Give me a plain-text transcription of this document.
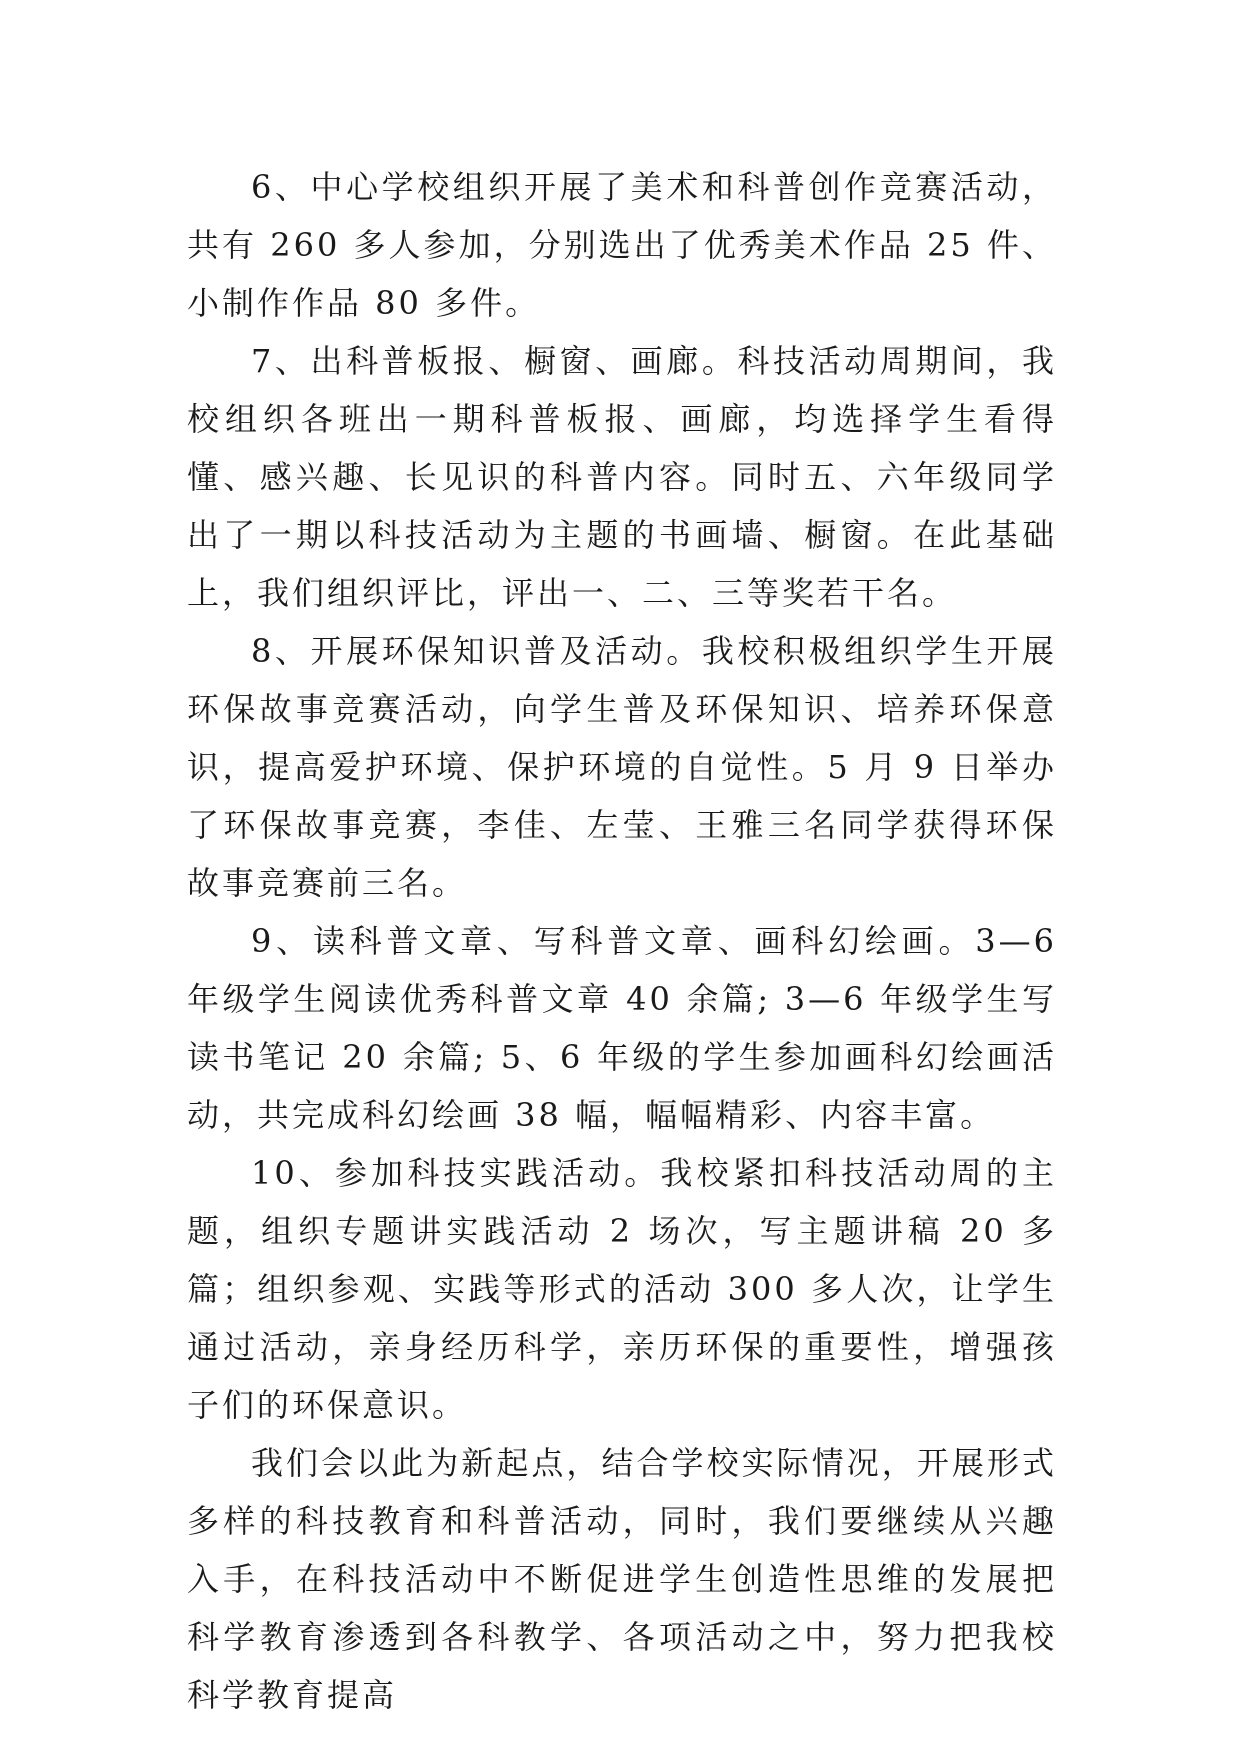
6、中心学校组织开展了美术和科普创作竞赛活动，共有 260 多人参加，分别选出了优秀美术作品 25 件、小制作作品 80 多件。

7、出科普板报、橱窗、画廊。科技活动周期间，我校组织各班出一期科普板报、画廊，均选择学生看得懂、感兴趣、长见识的科普内容。同时五、六年级同学出了一期以科技活动为主题的书画墙、橱窗。在此基础上，我们组织评比，评出一、二、三等奖若干名。

8、开展环保知识普及活动。我校积极组织学生开展环保故事竞赛活动，向学生普及环保知识、培养环保意识，提高爱护环境、保护环境的自觉性。5 月 9 日举办了环保故事竞赛，李佳、左莹、王雅三名同学获得环保故事竞赛前三名。

9、读科普文章、写科普文章、画科幻绘画。3—6 年级学生阅读优秀科普文章 40 余篇; 3—6 年级学生写读书笔记 20 余篇; 5、6 年级的学生参加画科幻绘画活动，共完成科幻绘画 38 幅，幅幅精彩、内容丰富。

10、参加科技实践活动。我校紧扣科技活动周的主题，组织专题讲实践活动 2 场次，写主题讲稿 20 多篇；组织参观、实践等形式的活动 300 多人次，让学生通过活动，亲身经历科学，亲历环保的重要性，增强孩子们的环保意识。

我们会以此为新起点，结合学校实际情况，开展形式多样的科技教育和科普活动，同时，我们要继续从兴趣入手，在科技活动中不断促进学生创造性思维的发展把科学教育渗透到各科教学、各项活动之中，努力把我校科学教育提高
